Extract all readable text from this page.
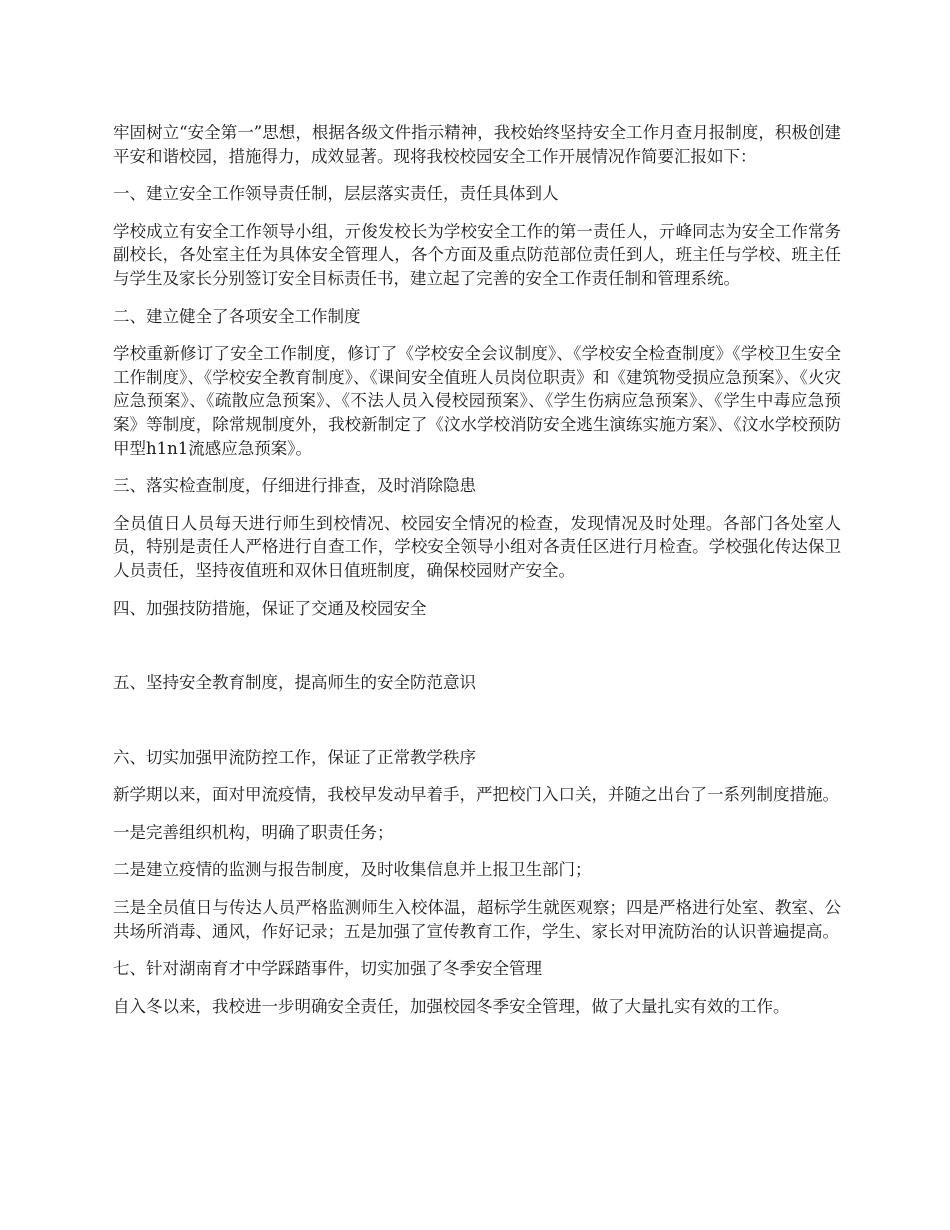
牢固树立“安全第一”思想，根据各级文件指示精神，我校始终坚持安全工作月查月报制度，积极创建平安和谐校园，措施得力，成效显著。现将我校校园安全工作开展情况作简要汇报如下：

一、建立安全工作领导责任制，层层落实责任，责任具体到人

学校成立有安全工作领导小组，亓俊发校长为学校安全工作的第一责任人，亓峰同志为安全工作常务副校长，各处室主任为具体安全管理人，各个方面及重点防范部位责任到人，班主任与学校、班主任与学生及家长分别签订安全目标责任书，建立起了完善的安全工作责任制和管理系统。

二、建立健全了各项安全工作制度

学校重新修订了安全工作制度，修订了《学校安全会议制度》、《学校安全检查制度》《学校卫生安全工作制度》、《学校安全教育制度》、《课间安全值班人员岗位职责》和《建筑物受损应急预案》、《火灾应急预案》、《疏散应急预案》、《不法人员入侵校园预案》、《学生伤病应急预案》、《学生中毒应急预案》等制度，除常规制度外，我校新制定了《汶水学校消防安全逃生演练实施方案》、《汶水学校预防甲型h1n1流感应急预案》。

三、落实检查制度，仔细进行排查，及时消除隐患

全员值日人员每天进行师生到校情况、校园安全情况的检查，发现情况及时处理。各部门各处室人员，特别是责任人严格进行自查工作，学校安全领导小组对各责任区进行月检查。学校强化传达保卫人员责任，坚持夜值班和双休日值班制度，确保校园财产安全。

四、加强技防措施，保证了交通及校园安全

五、坚持安全教育制度，提高师生的安全防范意识

六、切实加强甲流防控工作，保证了正常教学秩序

新学期以来，面对甲流疫情，我校早发动早着手，严把校门入口关，并随之出台了一系列制度措施。

一是完善组织机构，明确了职责任务；

二是建立疫情的监测与报告制度，及时收集信息并上报卫生部门；

三是全员值日与传达人员严格监测师生入校体温，超标学生就医观察；四是严格进行处室、教室、公共场所消毒、通风，作好记录；五是加强了宣传教育工作，学生、家长对甲流防治的认识普遍提高。

七、针对湖南育才中学踩踏事件，切实加强了冬季安全管理

自入冬以来，我校进一步明确安全责任，加强校园冬季安全管理，做了大量扎实有效的工作。
